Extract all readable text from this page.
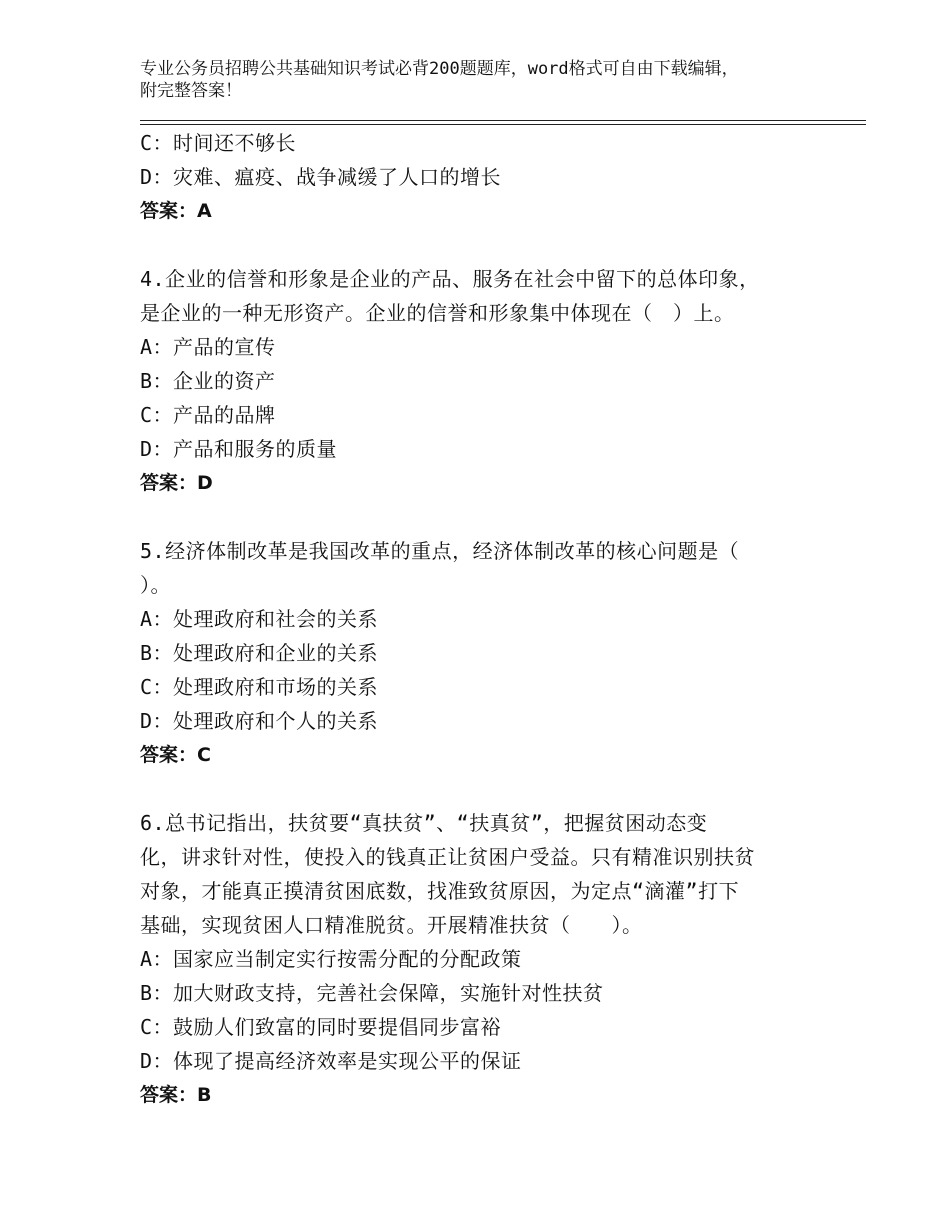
专业公务员招聘公共基础知识考试必背200题题库，word格式可自由下载编辑，
附完整答案！
C：时间还不够长
D：灾难、瘟疫、战争减缓了人口的增长
答案：A
4.企业的信誉和形象是企业的产品、服务在社会中留下的总体印象，
是企业的一种无形资产。企业的信誉和形象集中体现在（　）上。
A：产品的宣传
B：企业的资产
C：产品的品牌
D：产品和服务的质量
答案：D
5.经济体制改革是我国改革的重点，经济体制改革的核心问题是（
）。
A：处理政府和社会的关系
B：处理政府和企业的关系
C：处理政府和市场的关系
D：处理政府和个人的关系
答案：C
6.总书记指出，扶贫要“真扶贫”、“扶真贫”，把握贫困动态变
化，讲求针对性，使投入的钱真正让贫困户受益。只有精准识别扶贫
对象，才能真正摸清贫困底数，找准致贫原因，为定点“滴灌”打下
基础，实现贫困人口精准脱贫。开展精准扶贫（　　）。
A：国家应当制定实行按需分配的分配政策
B：加大财政支持，完善社会保障，实施针对性扶贫
C：鼓励人们致富的同时要提倡同步富裕
D：体现了提高经济效率是实现公平的保证
答案：B
